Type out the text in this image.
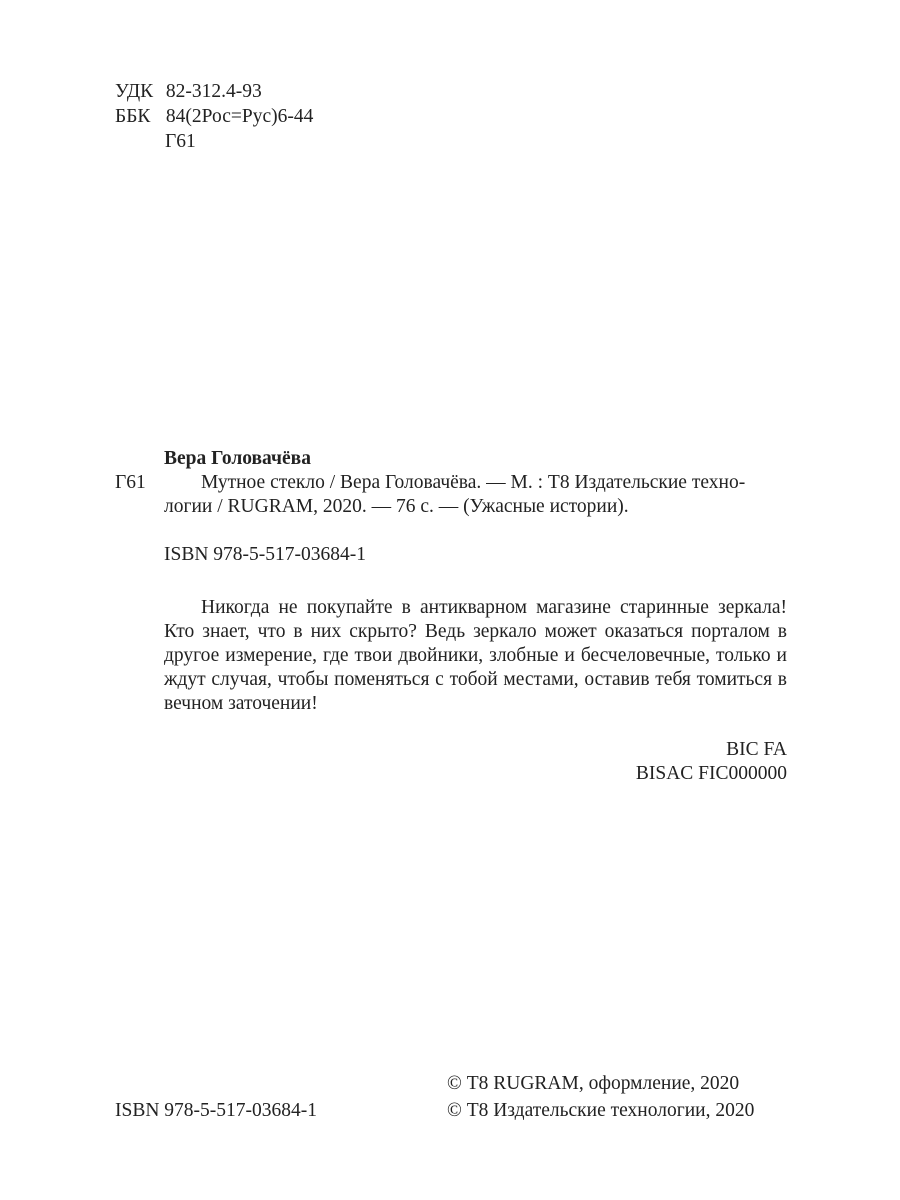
УДК 82-312.4-93
ББК 84(2Рос=Рус)6-44
Г61
Вера Головачёва
Г61	Мутное стекло / Вера Головачёва. — М. : Т8 Издательские техно-
логии / RUGRAM, 2020. — 76 с. — (Ужасные истории).
ISBN 978-5-517-03684-1

Никогда не покупайте в антикварном магазине старинные зеркала! Кто знает, что в них скрыто? Ведь зеркало может оказаться порталом в другое измерение, где твои двойники, злобные и бесчеловечные, только и ждут случая, чтобы поменяться с тобой местами, оставив тебя томиться в вечном заточении!

BIC FA
BISAC FIC000000
© Т8 RUGRAM, оформление, 2020
© Т8 Издательские технологии, 2020
ISBN 978-5-517-03684-1
